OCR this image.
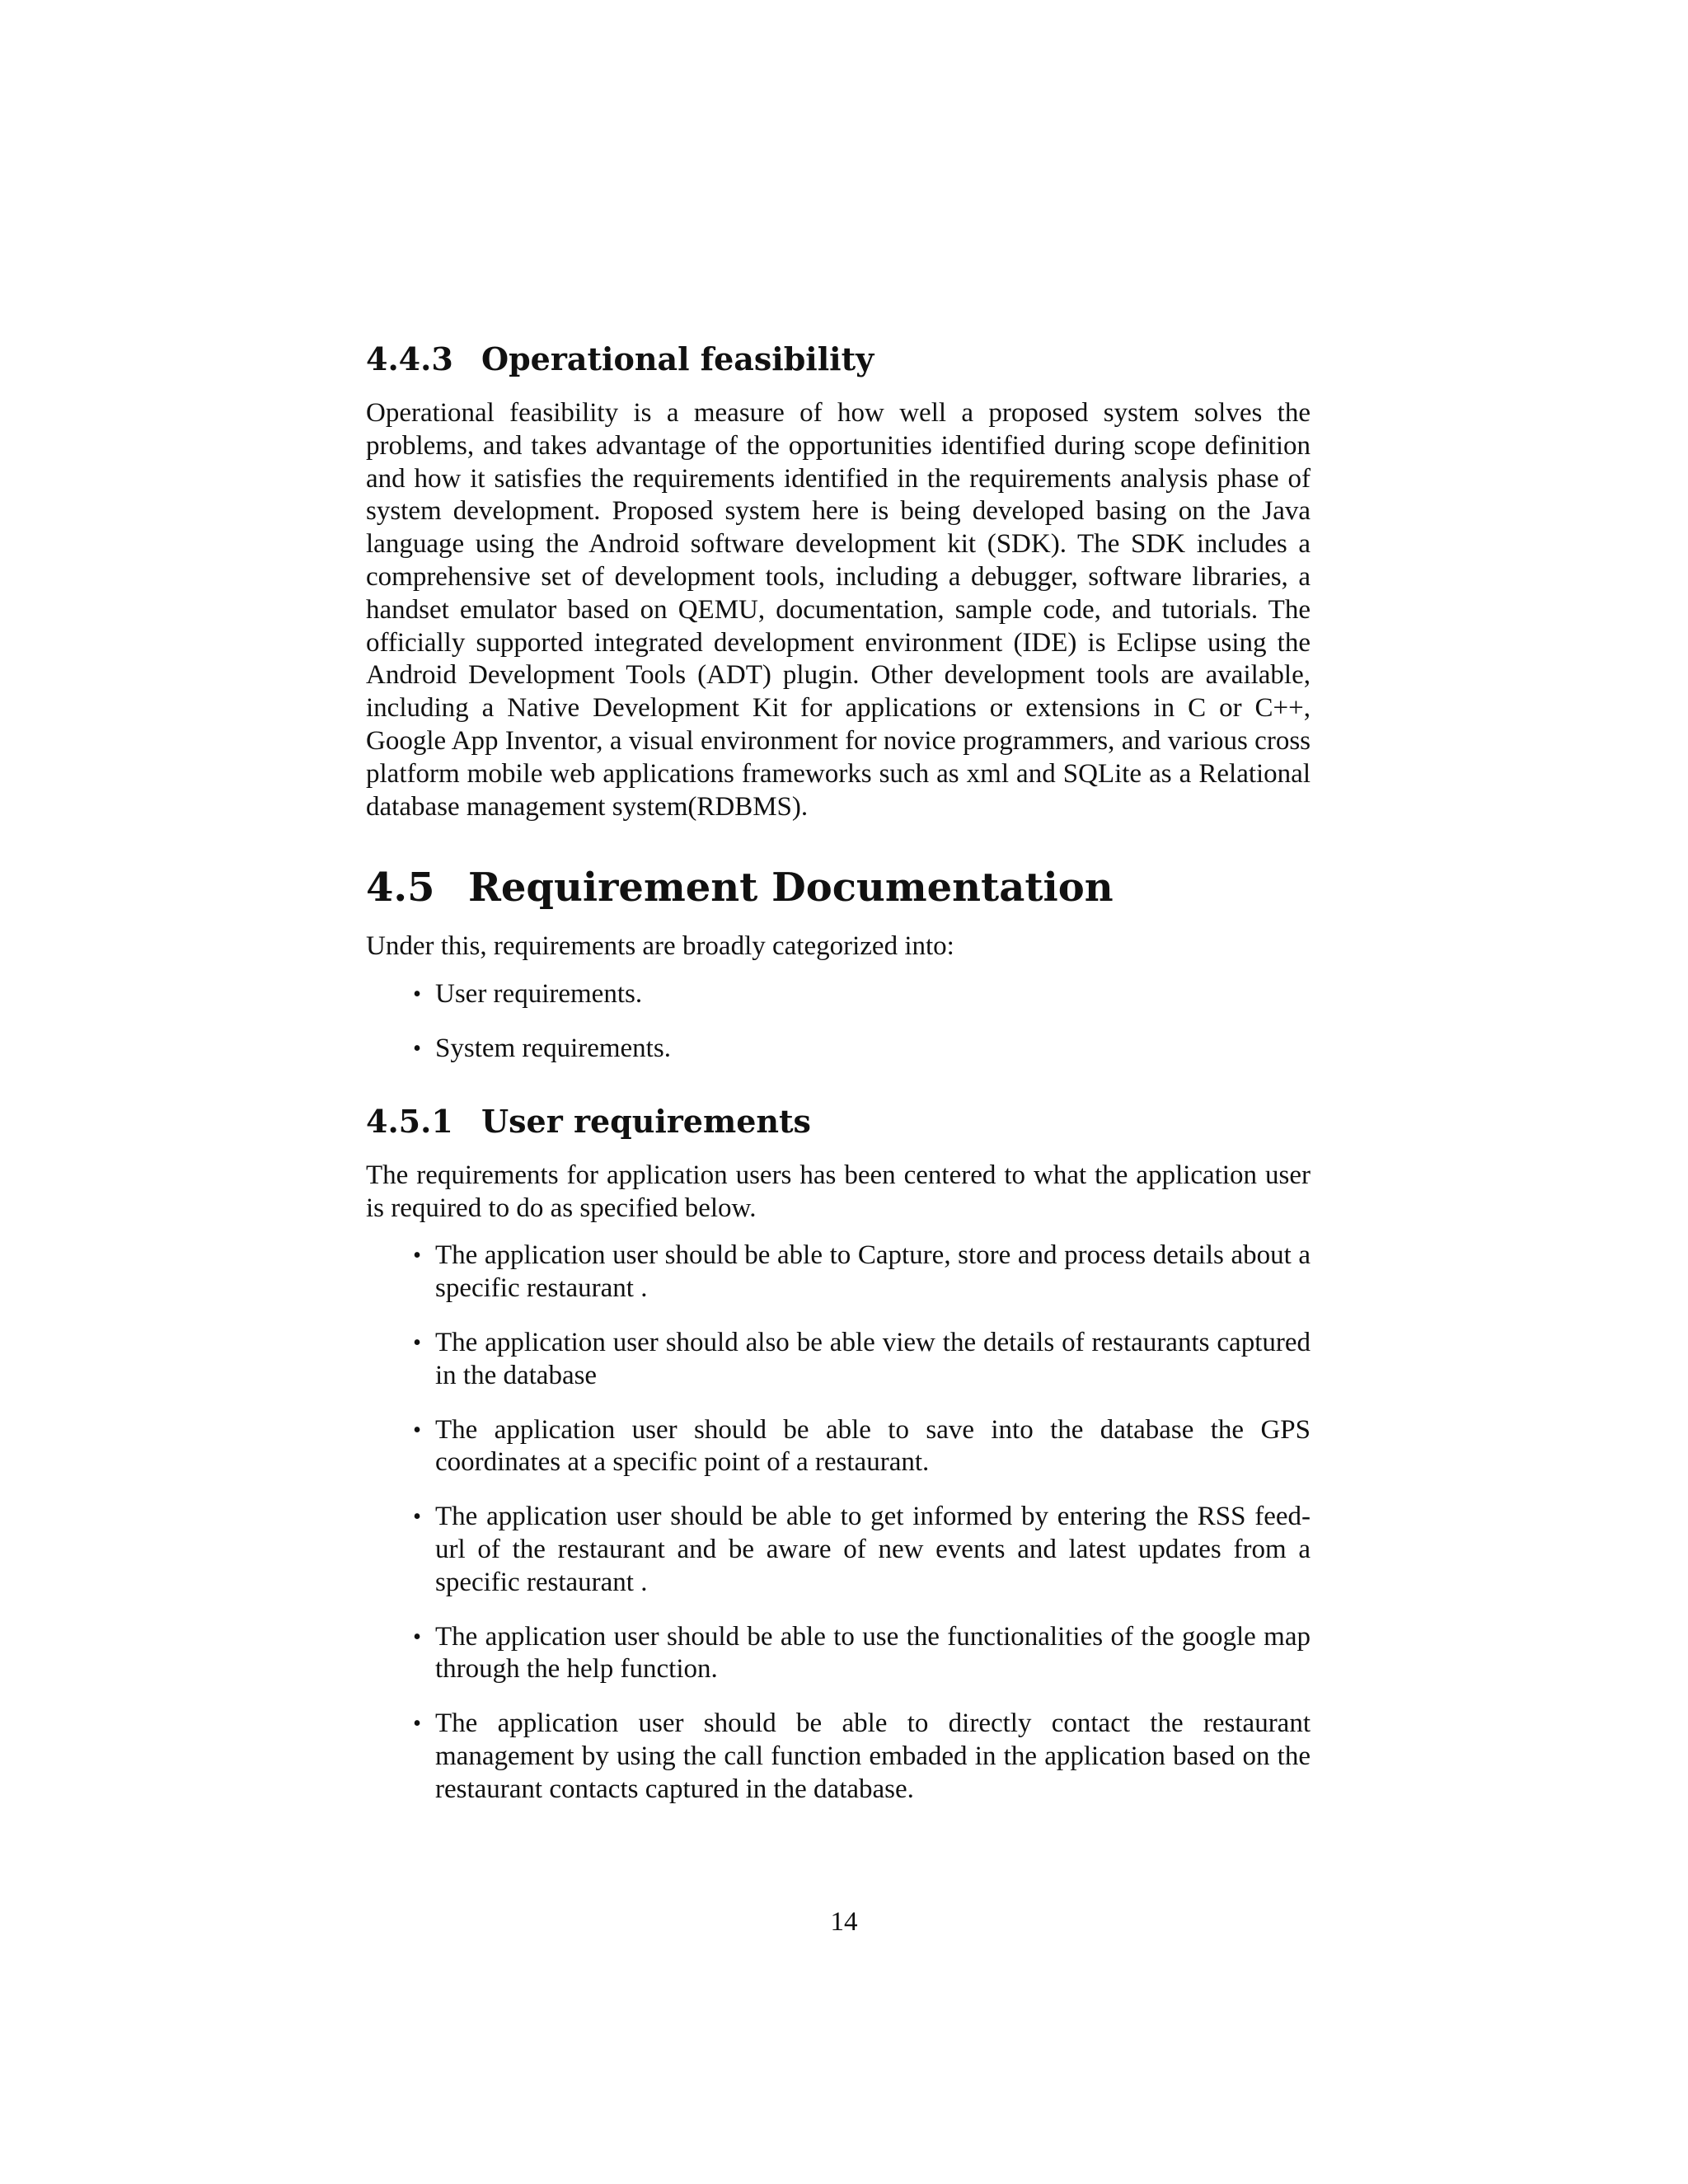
4.4.3 Operational feasibility

Operational feasibility is a measure of how well a proposed system solves the problems, and takes advantage of the opportunities identified during scope definition and how it satisfies the requirements identified in the requirements analysis phase of system development. Proposed system here is being developed basing on the Java language using the Android software development kit (SDK). The SDK includes a comprehensive set of development tools, including a debugger, software libraries, a handset emulator based on QEMU, documentation, sample code, and tutorials. The officially supported integrated development environment (IDE) is Eclipse using the Android Development Tools (ADT) plugin. Other development tools are available, including a Native Development Kit for applications or extensions in C or C++, Google App Inventor, a visual environment for novice programmers, and various cross platform mobile web applications frameworks such as xml and SQLite as a Relational database management system(RDBMS).

4.5 Requirement Documentation

Under this, requirements are broadly categorized into:

• User requirements.
• System requirements.
4.5.1 User requirements

The requirements for application users has been centered to what the application user is required to do as specified below.

• The application user should be able to Capture, store and process details about a specific restaurant .
• The application user should also be able view the details of restaurants captured in the database
• The application user should be able to save into the database the GPS coordinates at a specific point of a restaurant.
• The application user should be able to get informed by entering the RSS feed-url of the restaurant and be aware of new events and latest updates from a specific restaurant .
• The application user should be able to use the functionalities of the google map through the help function.
• The application user should be able to directly contact the restaurant management by using the call function embaded in the application based on the restaurant contacts captured in the database.
14
